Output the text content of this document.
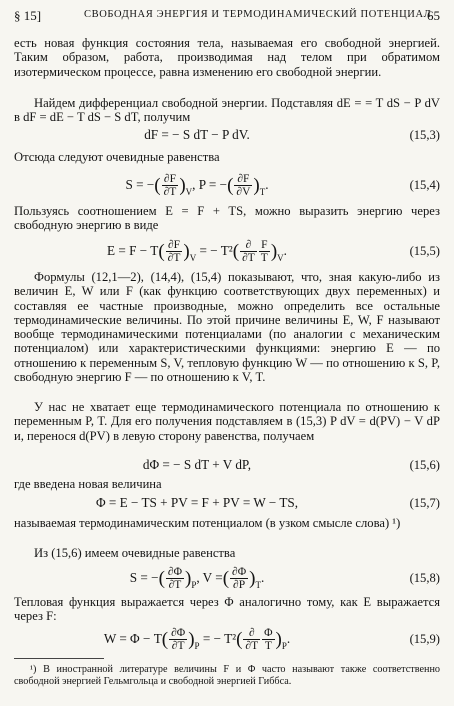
§ 15]	СВОБОДНАЯ ЭНЕРГИЯ И ТЕРМОДИНАМИЧЕСКИЙ ПОТЕНЦИАЛ
65

есть новая функция состояния тела, называемая его свободной энергией. Таким образом, работа, производимая над телом при обратимом изотермическом процессе, равна изменению его свободной энергии.

Найдем дифференциал свободной энергии. Подставляя dE = = T dS − P dV в dF = dE − T dS − S dT, получим

dF = − S dT − P dV.	(15,3)

Отсюда следуют очевидные равенства

S = −( $\frac{\partial F}{\partial T} )_V$, P = −( $\frac{\partial F}{\partial V} )_T$.	(15,4)

Пользуясь соотношением E = F + TS, можно выразить энергию через свободную энергию в виде

$E = F - T( \frac{\partial F}{\partial T} )_V$ = − $T^2( \frac{\partial}{\partial T} \frac{F}{T} )_V$.	(15,5)

Формулы (12,1—2), (14,4), (15,4) показывают, что, зная какую-либо из величин E, W или F (как функцию соответствующих двух переменных) и составляя ее частные производные, можно определить все остальные термодинамические величины. По этой причине величины E, W, F называют вообще термодинамическими потенциалами (по аналогии с механическим потенциалом) или характеристическими функциями: энергию E — по отношению к переменным S, V, тепловую функцию W — по отношению к S, P, свободную энергию F — по отношению к V, T.

У нас не хватает еще термодинамического потенциала по отношению к переменным P, T. Для его получения подставляем в (15,3) P dV = d(PV) − V dP и, перенося d(PV) в левую сторону равенства, получаем

dΦ = − S dT + V dP,	(15,6)

где введена новая величина

Φ = E − TS + PV = F + PV = W − TS,	(15,7)

называемая термодинамическим потенциалом (в узком смысле слова) ¹)

Из (15,6) имеем очевидные равенства

S = −( $\frac{\partial\Phi}{\partial T} )_P$, V =( $\frac{\partial\Phi}{\partial P} )_T$.	(15,8)

Тепловая функция выражается через Φ аналогично тому, как E выражается через F:

$W = \Phi - T( \frac{\partial\Phi}{\partial T} )_P$ = − $T^2( \frac{\partial}{\partial T} \frac{\Phi}{T} )_P$.	(15,9)

¹) В иностранной литературе величины F и Φ часто называют также соответственно свободной энергией Гельмгольца и свободной энергией Гиббса.
